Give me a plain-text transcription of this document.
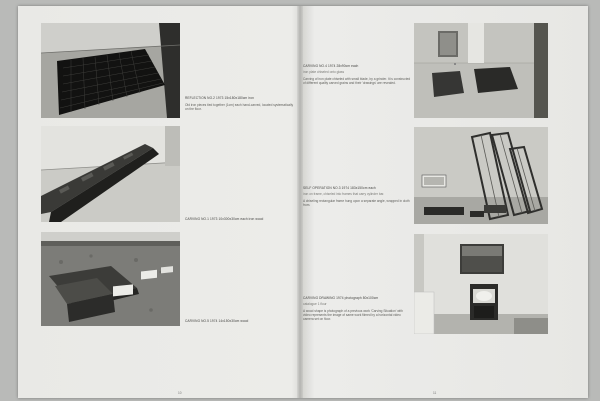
REFLECTION NO.2 1973 15x180x180cm iron
Old iron pieces tied together (1cm) each hand-carved, located systematically on the floor.
CARVING NO.1 1973 10x300x30cm each iron wood
CARVING NO.5 1974 14x150x30cm wood
10
CARVING NO.4 1974 28x90cm each
iron plate chiseled onto glass
Carving of iron plate chiseled with small blade, by a grinder. It is constructed of different quality carved grains and their 'drawings' are revealed.
SELF OPERATION NO.3 1974 183x150cm each
iron on frame, chiseled into frames that carry cylinder bar.
A chiseling rectangular frame hung upon a separate angle, wrapped in cloth from.
CARVING DRAWING 1974 photograph 80x100cm
catalogue 1 flour
A wood shape is photograph of a previous work 'Carving Situation' with video represents the image of same work filmed by a horizontal video camera set on floor.
11
